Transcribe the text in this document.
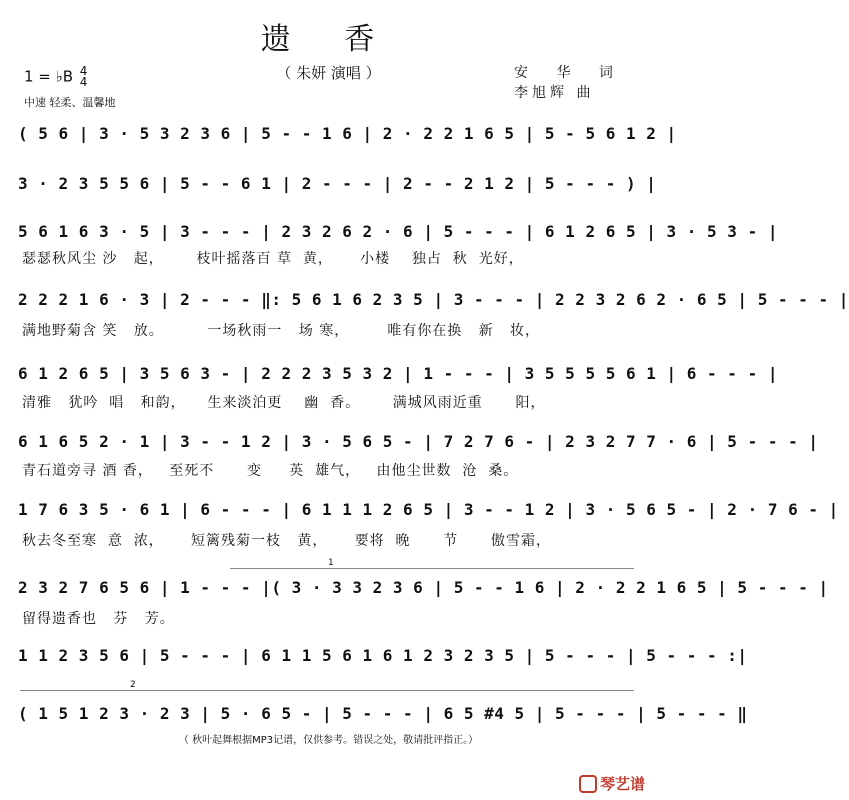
遗 香
（ 朱妍 演唱 ）
1 = ♭B 4
4
中速 轻柔、温馨地
安 华 词
李旭辉 曲
( 5 6 | 3 · 5 3 2 3 6 | 5 - - 1 6 | 2 · 2 2 1 6 5 | 5 - 5 6 1 2 |
3 · 2 3 5 5 6 | 5 - - 6 1 | 2 - - - | 2 - - 2 1 2 | 5 - - - ) |
5 6 1 6 3 · 5 | 3 - - - | 2 3 2 6 2 · 6 | 5 - - - | 6 1 2 6 5 | 3 · 5 3 - |
瑟瑟秋风尘 沙   起，      枝叶摇落百 草  黄，     小楼    独占  秋  光好，
2 2 2 1 6 · 3 | 2 - - - ‖: 5 6 1 6 2 3 5 | 3 - - - | 2 2 3 2 6 2 · 6 5 | 5 - - - |
满地野菊含 笑   放。        一场秋雨一   场 寒，       唯有你在换   新   妆，
6 1 2 6 5 | 3 5 6 3 - | 2 2 2 3 5 3 2 | 1 - - - | 3 5 5 5 5 6 1 | 6 - - - |
清雅   犹吟  唱   和韵，    生来淡泊更    幽  香。      满城风雨近重      阳，
6 1 6 5 2 · 1 | 3 - - 1 2 | 3 · 5 6 5 - | 7 2 7 6 - | 2 3 2 7 7 · 6 | 5 - - - |
青石道旁寻 酒 香，   至死不      变     英  雄气，   由他尘世数  沧  桑。
1 7 6 3 5 · 6 1 | 6 - - - | 6 1 1 1 2 6 5 | 3 - - 1 2 | 3 · 5 6 5 - | 2 · 7 6 - |
秋去冬至寒  意  浓，     短篱残菊一枝   黄，     要将  晚      节      傲雪霜，
1
2 3 2 7 6 5 6 | 1 - - - |( 3 · 3 3 2 3 6 | 5 - - 1 6 | 2 · 2 2 1 6 5 | 5 - - - |
留得遗香也   芬   芳。
1 1 2 3 5 6 | 5 - - - | 6 1 1 5 6 1 6 1 2 3 2 3 5 | 5 - - - | 5 - - - :|
2
( 1 5 1 2 3 · 2 3 | 5 · 6 5 - | 5 - - - | 6 5 #4 5 | 5 - - - | 5 - - - ‖
（ 秋叶起舞根据MP3记谱，仅供参考。错误之处，敬请批评指正。）
琴艺谱
